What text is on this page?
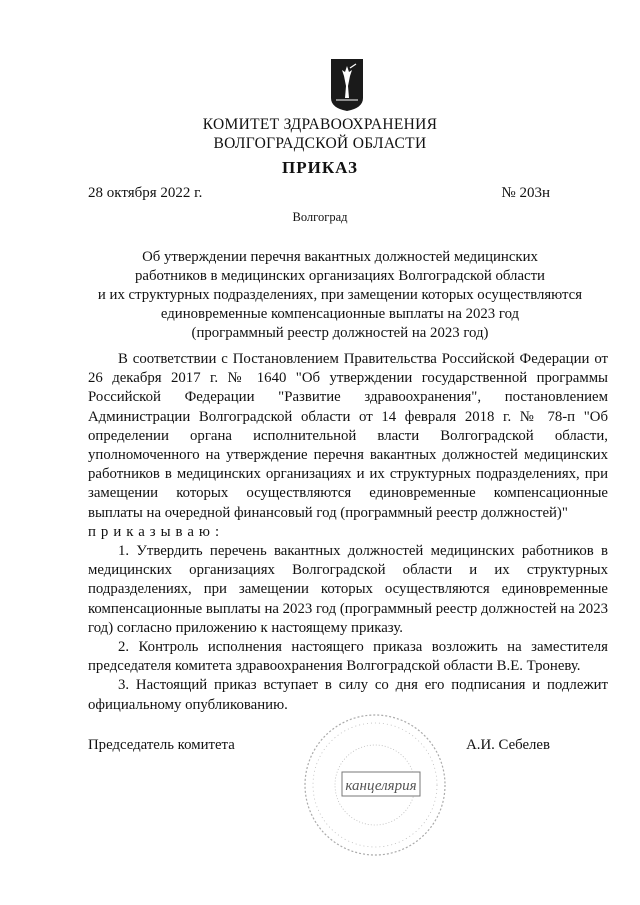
КОМИТЕТ ЗДРАВООХРАНЕНИЯ
ВОЛГОГРАДСКОЙ ОБЛАСТИ
ПРИКАЗ
28 октября 2022 г.	№ 203н
Волгоград
Об утверждении перечня вакантных должностей медицинских
работников в медицинских организациях Волгоградской области
и их структурных подразделениях, при замещении которых осуществляются
единовременные компенсационные выплаты на 2023 год
(программный реестр должностей на 2023 год)

В соответствии с Постановлением Правительства Российской Федерации от 26 декабря 2017 г. № 1640 "Об утверждении государственной программы Российской Федерации "Развитие здравоохранения", постановлением Администрации Волгоградской области от 14 февраля 2018 г. № 78-п "Об определении органа исполнительной власти Волгоградской области, уполномоченного на утверждение перечня вакантных должностей медицинских работников в медицинских организациях и их структурных подразделениях, при замещении которых осуществляются единовременные компенсационные выплаты на очередной финансовый год (программный реестр должностей)"

приказываю:

1. Утвердить перечень вакантных должностей медицинских работников в медицинских организациях Волгоградской области и их структурных подразделениях, при замещении которых осуществляются единовременные компенсационные выплаты на 2023 год (программный реестр должностей на 2023 год) согласно приложению к настоящему приказу.

2. Контроль исполнения настоящего приказа возложить на заместителя председателя комитета здравоохранения Волгоградской области В.Е. Троневу.

3. Настоящий приказ вступает в силу со дня его подписания и подлежит официальному опубликованию.

Председатель комитета	А.И. Себелев
канцелярия
